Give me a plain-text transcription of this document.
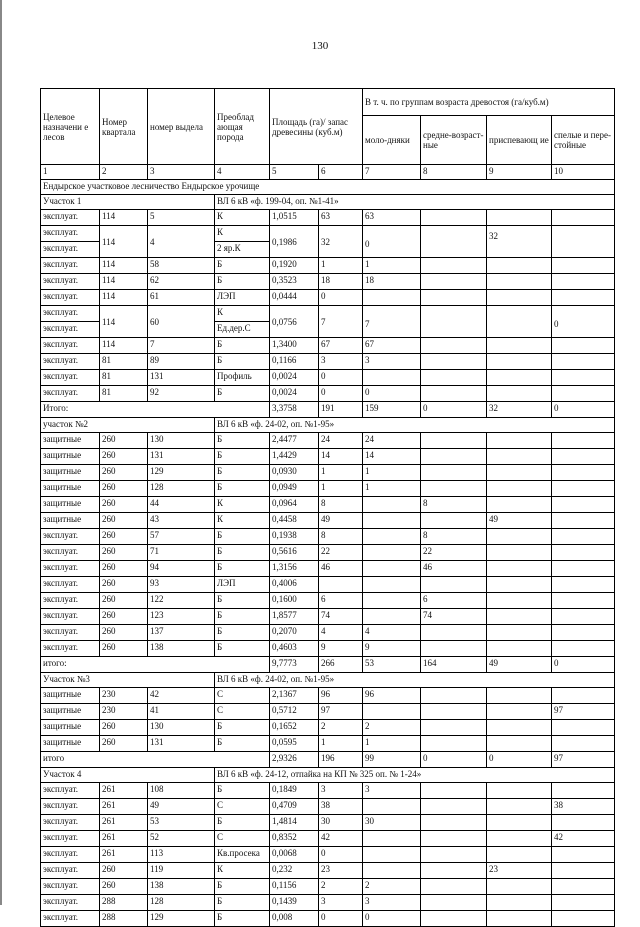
130
Целевое назначени е лесов	Номер квартала	номер выдела	Преоблад ающая порода	Площадь (га)/ запас древесины (куб.м)		В т. ч. по группам возраста древостоя (га/куб.м)			
						моло-дняки	средне-возраст-ные	приспевающ ие	спелые и пере-стойные
1	2	3	4	5	6	7	8	9	10
Ендырское участковое лесничество Ендырское урочище									
Участок 1			ВЛ 6 кВ «ф. 199-04, оп. №1-41»						
эксплуат.	114	5	К	1,0515	63	63			
эксплуат.	114	4	К	0,1986	32	0		32	

эксплуат.			2 яр.К						
эксплуат.	114	58	Б	0,1920	1	1			
эксплуат.	114	62	Б	0,3523	18	18			
эксплуат.	114	61	ЛЭП	0,0444	0				
эксплуат.	114	60	К	0,0756	7	7			0

эксплуат.			Ед.дер.С						
эксплуат.	114	7	Б	1,3400	67	67			
эксплуат.	81	89	Б	0,1166	3	3			
эксплуат.	81	131	Профиль	0,0024	0				
эксплуат.	81	92	Б	0,0024	0	0			
Итого:				3,3758	191	159	0	32	0
участок №2			ВЛ 6 кВ «ф. 24-02, оп. №1-95»						
защитные	260	130	Б	2,4477	24	24			
защитные	260	131	Б	1,4429	14	14			
защитные	260	129	Б	0,0930	1	1			
защитные	260	128	Б	0,0949	1	1			
защитные	260	44	К	0,0964	8		8		
защитные	260	43	К	0,4458	49			49	
эксплуат.	260	57	Б	0,1938	8		8		
эксплуат.	260	71	Б	0,5616	22		22		
эксплуат.	260	94	Б	1,3156	46		46		
эксплуат.	260	93	ЛЭП	0,4006					
эксплуат.	260	122	Б	0,1600	6		6		
эксплуат.	260	123	Б	1,8577	74		74		
эксплуат.	260	137	Б	0,2070	4	4			
эксплуат.	260	138	Б	0,4603	9	9			
итого:				9,7773	266	53	164	49	0
Участок №3			ВЛ 6 кВ «ф. 24-02, оп. №1-95»						
защитные	230	42	С	2,1367	96	96			
защитные	230	41	С	0,5712	97				97
защитные	260	130	Б	0,1652	2	2			
защитные	260	131	Б	0,0595	1	1			
итого				2,9326	196	99	0	0	97
Участок 4			ВЛ 6 кВ «ф. 24-12, отпайка на КП № 325 оп. № 1-24»						
эксплуат.	261	108	Б	0,1849	3	3			
эксплуат.	261	49	С	0,4709	38				38
эксплуат.	261	53	Б	1,4814	30	30			
эксплуат.	261	52	С	0,8352	42				42
эксплуат.	261	113	Кв.просека	0,0068	0				
эксплуат.	260	119	К	0,232	23			23	
эксплуат.	260	138	Б	0,1156	2	2			
эксплуат.	288	128	Б	0,1439	3	3			
эксплуат.	288	129	Б	0,008	0	0			
